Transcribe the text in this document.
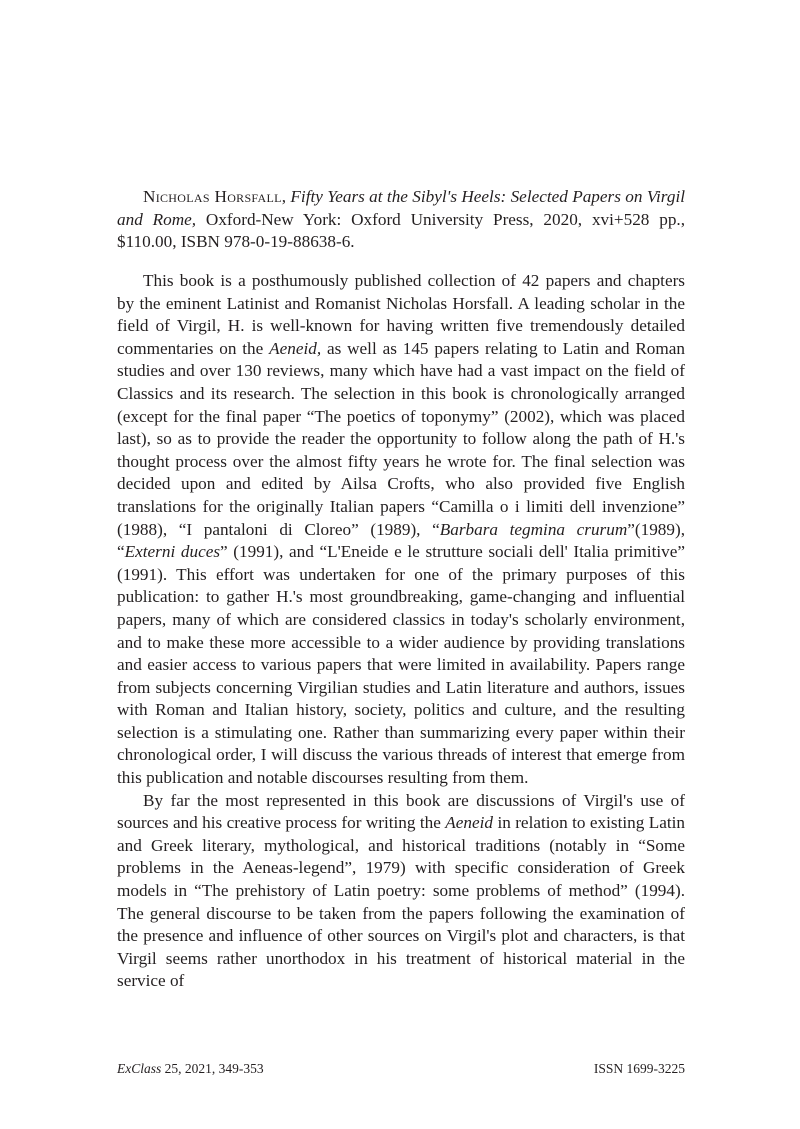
Nicholas Horsfall, Fifty Years at the Sibyl's Heels: Selected Papers on Virgil and Rome, Oxford-New York: Oxford University Press, 2020, xvi+528 pp., $110.00, ISBN 978-0-19-88638-6.

This book is a posthumously published collection of 42 papers and chapters by the eminent Latinist and Romanist Nicholas Horsfall. A leading scholar in the field of Virgil, H. is well-known for having written five tremendously detailed commentaries on the Aeneid, as well as 145 papers relating to Latin and Roman studies and over 130 reviews, many which have had a vast impact on the field of Classics and its research. The selection in this book is chronologically arranged (except for the final paper “The poetics of toponymy” (2002), which was placed last), so as to provide the reader the opportunity to follow along the path of H.'s thought process over the almost fifty years he wrote for. The final selection was decided upon and edited by Ailsa Crofts, who also provided five English translations for the originally Italian papers “Camilla o i limiti dell invenzione” (1988), “I pantaloni di Cloreo” (1989), “Barbara tegmina crurum”(1989), “Externi duces” (1991), and “L'Eneide e le strutture sociali dell' Italia primitive” (1991). This effort was undertaken for one of the primary purposes of this publication: to gather H.'s most groundbreaking, game-changing and influential papers, many of which are considered classics in today's scholarly environment, and to make these more accessible to a wider audience by providing translations and easier access to various papers that were limited in availability. Papers range from subjects concerning Virgilian studies and Latin literature and authors, issues with Roman and Italian history, society, politics and culture, and the resulting selection is a stimulating one. Rather than summarizing every paper within their chronological order, I will discuss the various threads of interest that emerge from this publication and notable discourses resulting from them.

By far the most represented in this book are discussions of Virgil's use of sources and his creative process for writing the Aeneid in relation to existing Latin and Greek literary, mythological, and historical traditions (notably in “Some problems in the Aeneas-legend”, 1979) with specific consideration of Greek models in “The prehistory of Latin poetry: some problems of method” (1994). The general discourse to be taken from the papers following the examination of the presence and influence of other sources on Virgil's plot and characters, is that Virgil seems rather unorthodox in his treatment of historical material in the service of

ExClass 25, 2021, 349-353	ISSN 1699-3225
